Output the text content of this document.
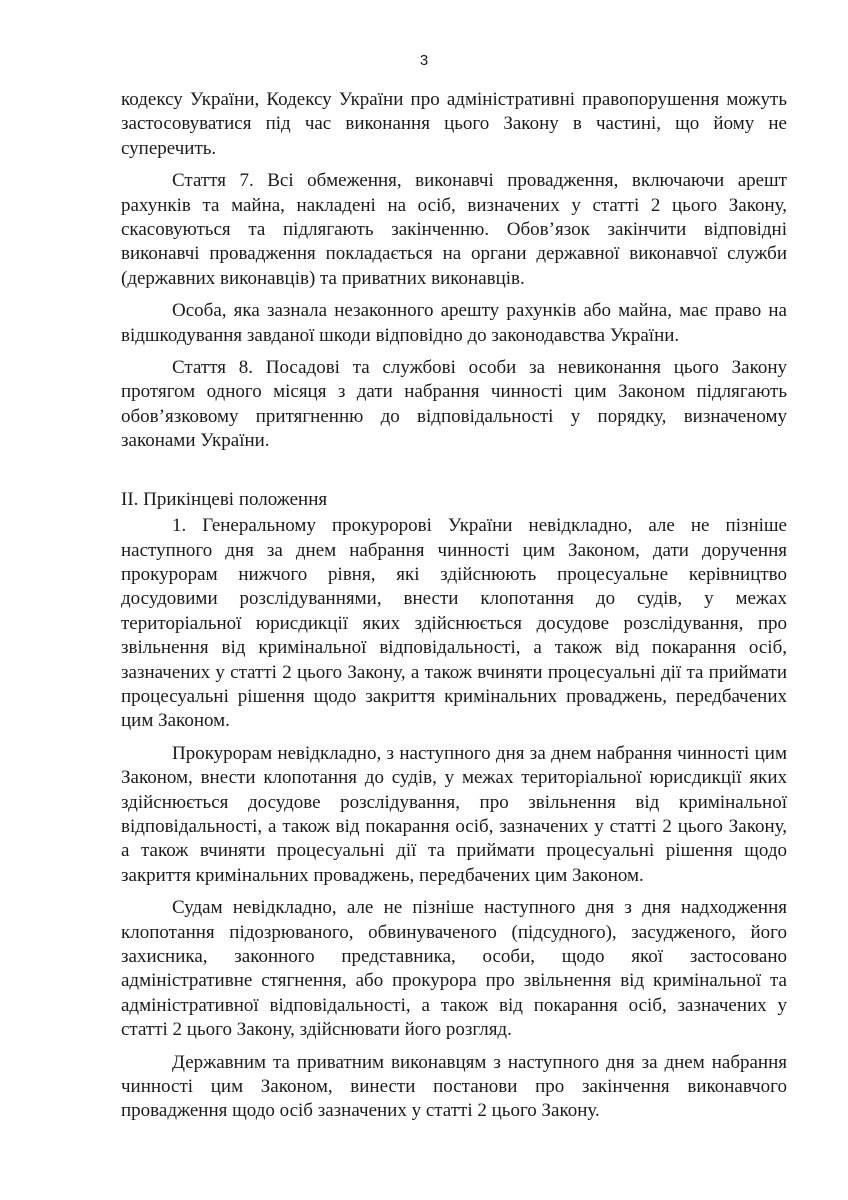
3

кодексу України, Кодексу України про адміністративні правопорушення можуть застосовуватися під час виконання цього Закону в частині, що йому не суперечить.

Стаття 7. Всі обмеження, виконавчі провадження, включаючи арешт рахунків та майна, накладені на осіб, визначених у статті 2 цього Закону, скасовуються та підлягають закінченню. Обов’язок закінчити відповідні виконавчі провадження покладається на органи державної виконавчої служби (державних виконавців) та приватних виконавців.

Особа, яка зазнала незаконного арешту рахунків або майна, має право на відшкодування завданої шкоди відповідно до законодавства України.

Стаття 8. Посадові та службові особи за невиконання цього Закону протягом одного місяця з дати набрання чинності цим Законом підлягають обов’язковому притягненню до відповідальності у порядку, визначеному законами України.

ІІ. Прикінцеві положення

1. Генеральному прокуророві України невідкладно, але не пізніше наступного дня за днем набрання чинності цим Законом, дати доручення прокурорам нижчого рівня, які здійснюють процесуальне керівництво досудовими розслідуваннями, внести клопотання до судів, у межах територіальної юрисдикції яких здійснюється досудове розслідування, про звільнення від кримінальної відповідальності, а також від покарання осіб, зазначених у статті 2 цього Закону, а також вчиняти процесуальні дії та приймати процесуальні рішення щодо закриття кримінальних проваджень, передбачених цим Законом.

Прокурорам невідкладно, з наступного дня за днем набрання чинності цим Законом, внести клопотання до судів, у межах територіальної юрисдикції яких здійснюється досудове розслідування, про звільнення від кримінальної відповідальності, а також від покарання осіб, зазначених у статті 2 цього Закону, а також вчиняти процесуальні дії та приймати процесуальні рішення щодо закриття кримінальних проваджень, передбачених цим Законом.

Судам невідкладно, але не пізніше наступного дня з дня надходження клопотання підозрюваного, обвинуваченого (підсудного), засудженого, його захисника, законного представника, особи, щодо якої застосовано адміністративне стягнення, або прокурора про звільнення від кримінальної та адміністративної відповідальності, а також від покарання осіб, зазначених у статті 2 цього Закону, здійснювати його розгляд.

Державним та приватним виконавцям з наступного дня за днем набрання чинності цим Законом, винести постанови про закінчення виконавчого провадження щодо осіб зазначених у статті 2 цього Закону.
